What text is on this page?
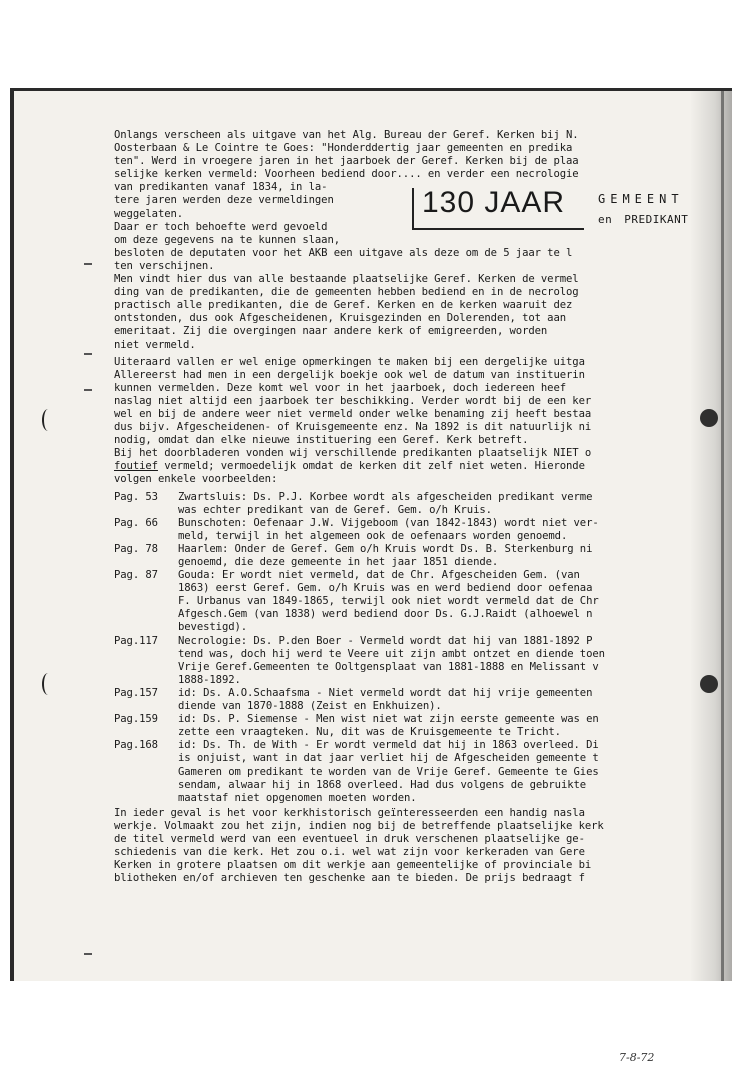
Onlangs verscheen als uitgave van het Alg. Bureau der Geref. Kerken bij N.
Oosterbaan & Le Cointre te Goes: "Honderddertig jaar gemeenten en predika
ten". Werd in vroegere jaren in het jaarboek der Geref. Kerken bij de plaa
selijke kerken vermeld: Voorheen bediend door.... en verder een necrologie
van predikanten vanaf 1834, in la-
tere jaren werden deze vermeldingen
weggelaten.
Daar er toch behoefte werd gevoeld
om deze gegevens na te kunnen slaan,
besloten de deputaten voor het AKB een uitgave als deze om de 5 jaar te l
ten verschijnen.

Men vindt hier dus van alle bestaande plaatselijke Geref. Kerken de vermel
ding van de predikanten, die de gemeenten hebben bediend en in de necrolog
practisch alle predikanten, die de Geref. Kerken en de kerken waaruit dez
ontstonden, dus ook Afgescheidenen, Kruisgezinden en Dolerenden, tot aan
emeritaat. Zij die overgingen naar andere kerk of emigreerden, worden
niet vermeld.

Uiteraard vallen er wel enige opmerkingen te maken bij een dergelijke uitga
Allereerst had men in een dergelijk boekje ook wel de datum van instituerin
kunnen vermelden. Deze komt wel voor in het jaarboek, doch iedereen heef
naslag niet altijd een jaarboek ter beschikking. Verder wordt bij de een ker
wel en bij de andere weer niet vermeld onder welke benaming zij heeft bestaa
dus bijv. Afgescheidenen- of Kruisgemeente enz. Na 1892 is dit natuurlijk ni
nodig, omdat dan elke nieuwe instituering een Geref. Kerk betreft.

Bij het doorbladeren vonden wij verschillende predikanten plaatselijk NIET o
foutief vermeld; vermoedelijk omdat de kerken dit zelf niet weten. Hieronde
volgen enkele voorbeelden:

Pag. 53	Zwartsluis: Ds. P.J. Korbee wordt als afgescheiden predikant verme
was echter predikant van de Geref. Gem. o/h Kruis.
Pag. 66	Bunschoten: Oefenaar J.W. Vijgeboom (van 1842-1843) wordt niet ver-
meld, terwijl in het algemeen ook de oefenaars worden genoemd.
Pag. 78	Haarlem: Onder de Geref. Gem o/h Kruis wordt Ds. B. Sterkenburg ni
genoemd, die deze gemeente in het jaar 1851 diende.
Pag. 87	Gouda: Er wordt niet vermeld, dat de Chr. Afgescheiden Gem. (van
1863) eerst Geref. Gem. o/h Kruis was en werd bediend door oefenaa
F. Urbanus van 1849-1865, terwijl ook niet wordt vermeld dat de Chr
Afgesch.Gem (van 1838) werd bediend door Ds. G.J.Raidt (alhoewel n
bevestigd).
Pag.117	Necrologie: Ds. P.den Boer - Vermeld wordt dat hij van 1881-1892 P
tend was, doch hij werd te Veere uit zijn ambt ontzet en diende toen
Vrije Geref.Gemeenten te Ooltgensplaat van 1881-1888 en Melissant v
1888-1892.
Pag.157	id: Ds. A.O.Schaafsma - Niet vermeld wordt dat hij vrije gemeenten
diende van 1870-1888 (Zeist en Enkhuizen).
Pag.159	id: Ds. P. Siemense - Men wist niet wat zijn eerste gemeente was en
zette een vraagteken. Nu, dit was de Kruisgemeente te Tricht.
Pag.168	id: Ds. Th. de With - Er wordt vermeld dat hij in 1863 overleed. Di
is onjuist, want in dat jaar verliet hij de Afgescheiden gemeente t
Gameren om predikant te worden van de Vrije Geref. Gemeente te Gies
sendam, alwaar hij in 1868 overleed. Had dus volgens de gebruikte
maatstaf niet opgenomen moeten worden.

In ieder geval is het voor kerkhistorisch geïnteresseerden een handig nasla
werkje. Volmaakt zou het zijn, indien nog bij de betreffende plaatselijke kerk
de titel vermeld werd van een eventueel in druk verschenen plaatselijke ge-
schiedenis van die kerk. Het zou o.i. wel wat zijn voor kerkeraden van Gere
Kerken in grotere plaatsen om dit werkje aan gemeentelijke of provinciale bi
bliotheken en/of archieven ten geschenke aan te bieden. De prijs bedraagt f

130 JAAR	GEMEENT
en PREDIKANT
7-8-72
